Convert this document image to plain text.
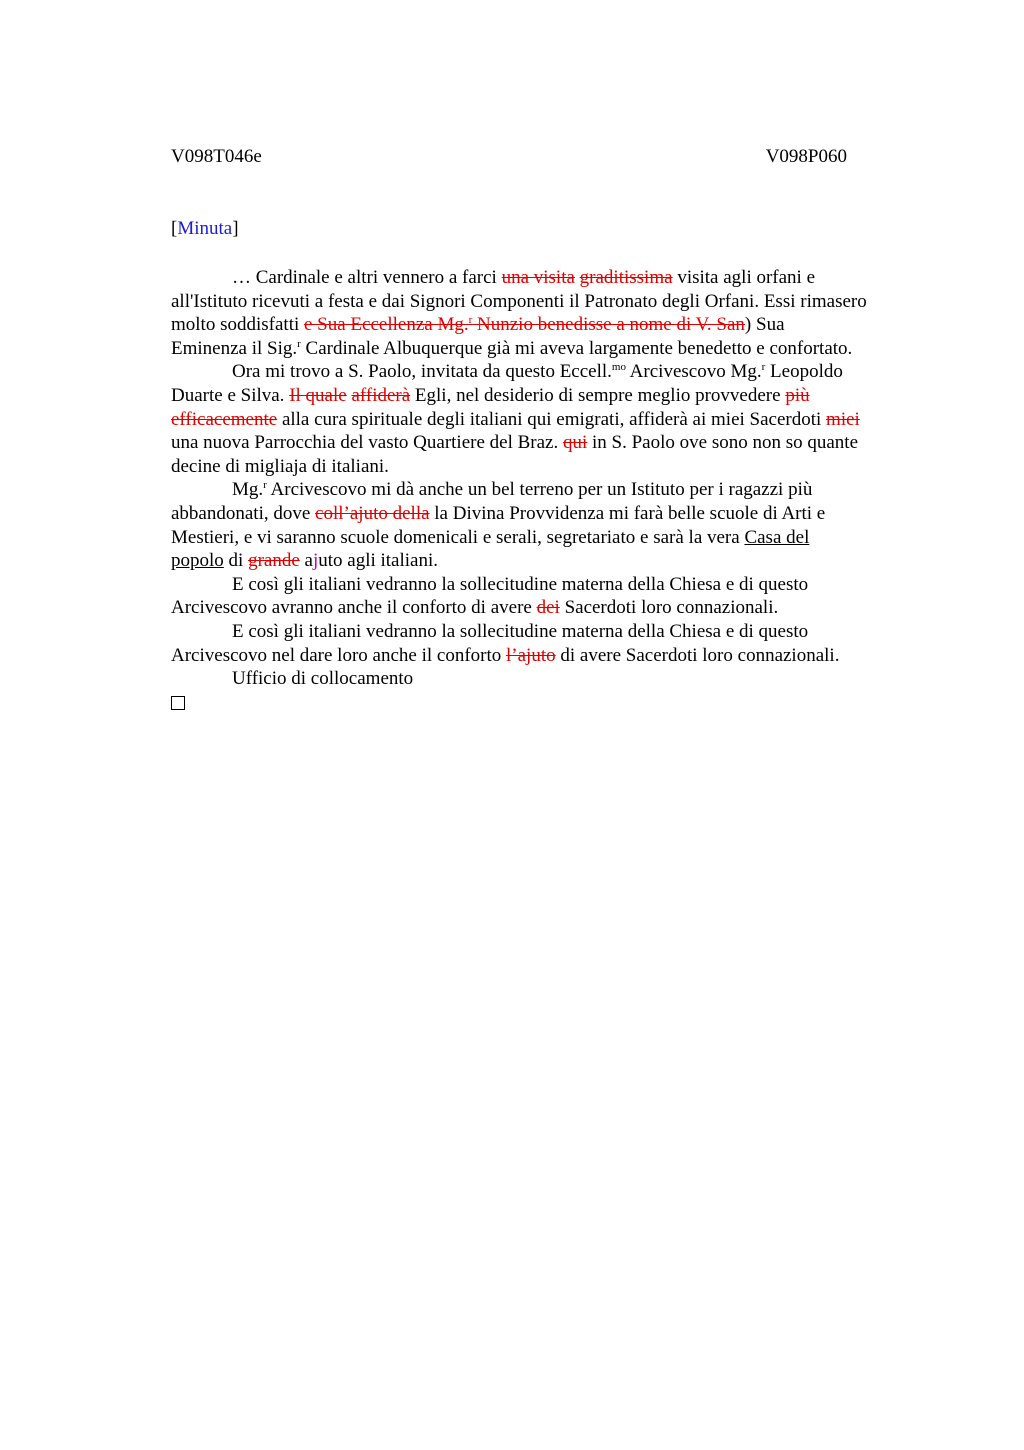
V098T046e	V098P060
[Minuta]
… Cardinale e altri vennero a farci una visita graditissima visita agli orfani e
all'Istituto ricevuti a festa e dai Signori Componenti il Patronato degli Orfani. Essi rimasero
molto soddisfatti e Sua Eccellenza Mg.$^r$ Nunzio benedisse a nome di V. San) Sua
Eminenza il Sig.$^r$ Cardinale Albuquerque già mi aveva largamente benedetto e confortato.
Ora mi trovo a S. Paolo, invitata da questo Eccell.$^{mo}$ Arcivescovo Mg.$^r$ Leopoldo
Duarte e Silva. Il quale affiderà Egli, nel desiderio di sempre meglio provvedere più
efficacemente alla cura spirituale degli italiani qui emigrati, affiderà ai miei Sacerdoti miei
una nuova Parrocchia del vasto Quartiere del Braz. qui in S. Paolo ove sono non so quante
decine di migliaja di italiani.
Mg.$^r$ Arcivescovo mi dà anche un bel terreno per un Istituto per i ragazzi più
abbandonati, dove coll’ajuto della la Divina Provvidenza mi farà belle scuole di Arti e
Mestieri, e vi saranno scuole domenicali e serali, segretariato e sarà la vera Casa del
popolo di grande ajuto agli italiani.
E così gli italiani vedranno la sollecitudine materna della Chiesa e di questo
Arcivescovo avranno anche il conforto di avere dei Sacerdoti loro connazionali.
E così gli italiani vedranno la sollecitudine materna della Chiesa e di questo
Arcivescovo nel dare loro anche il conforto l’ajuto di avere Sacerdoti loro connazionali.
Ufficio di collocamento
